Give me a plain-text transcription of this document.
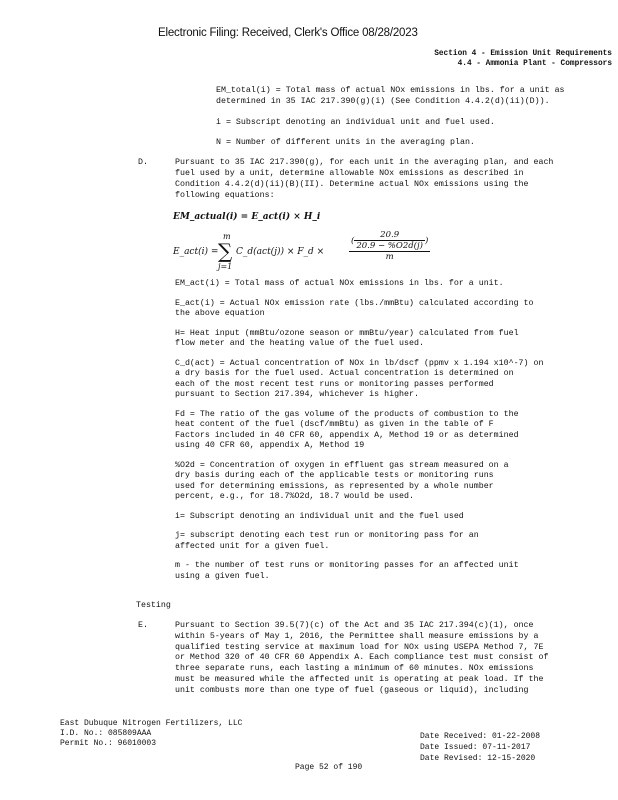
Electronic Filing: Received, Clerk's Office 08/28/2023
Section 4 - Emission Unit Requirements
4.4 - Ammonia Plant - Compressors
EM_total(i) = Total mass of actual NOx emissions in lbs. for a unit as
determined in 35 IAC 217.390(g)(i) (See Condition 4.4.2(d)(ii)(D)).
i = Subscript denoting an individual unit and fuel used.
N = Number of different units in the averaging plan.
D.	Pursuant to 35 IAC 217.390(g), for each unit in the averaging plan, and each
fuel used by a unit, determine allowable NOx emissions as described in
Condition 4.4.2(d)(ii)(B)(II). Determine actual NOx emissions using the
following equations:
EM_actual(i) = E_act(i) × H_i
E_act(i) =
m
∑
j=1
C_d(act(j)) × F_d ×	$\frac{( \frac{20.9}{20.9 - \%O2d(j)} )}{m}$

EM_act(i) = Total mass of actual NOx emissions in lbs. for a unit.

E_act(i) = Actual NOx emission rate (lbs./mmBtu) calculated according to

the above equation

H= Heat input (mmBtu/ozone season or mmBtu/year) calculated from fuel

flow meter and the heating value of the fuel used.

C_d(act) = Actual concentration of NOx in lb/dscf (ppmv x 1.194 x10^-7) on

a dry basis for the fuel used. Actual concentration is determined on

each of the most recent test runs or monitoring passes performed

pursuant to Section 217.394, whichever is higher.

Fd = The ratio of the gas volume of the products of combustion to the

heat content of the fuel (dscf/mmBtu) as given in the table of F

Factors included in 40 CFR 60, appendix A, Method 19 or as determined

using 40 CFR 60, appendix A, Method 19

%O2d = Concentration of oxygen in effluent gas stream measured on a

dry basis during each of the applicable tests or monitoring runs

used for determining emissions, as represented by a whole number

percent, e.g., for 18.7%O2d, 18.7 would be used.

i= Subscript denoting an individual unit and the fuel used

j= subscript denoting each test run or monitoring pass for an

affected unit for a given fuel.

m - the number of test runs or monitoring passes for an affected unit

using a given fuel.

Testing
E.	Pursuant to Section 39.5(7)(c) of the Act and 35 IAC 217.394(c)(1), once
within 5-years of May 1, 2016, the Permittee shall measure emissions by a
qualified testing service at maximum load for NOx using USEPA Method 7, 7E
or Method 320 of 40 CFR 60 Appendix A. Each compliance test must consist of
three separate runs, each lasting a minimum of 60 minutes. NOx emissions
must be measured while the affected unit is operating at peak load. If the
unit combusts more than one type of fuel (gaseous or liquid), including
East Dubuque Nitrogen Fertilizers, LLC
I.D. No.: 085809AAA
Permit No.: 96010003
Date Received: 01-22-2008
Date Issued: 07-11-2017
Date Revised: 12-15-2020
Page 52 of 190
